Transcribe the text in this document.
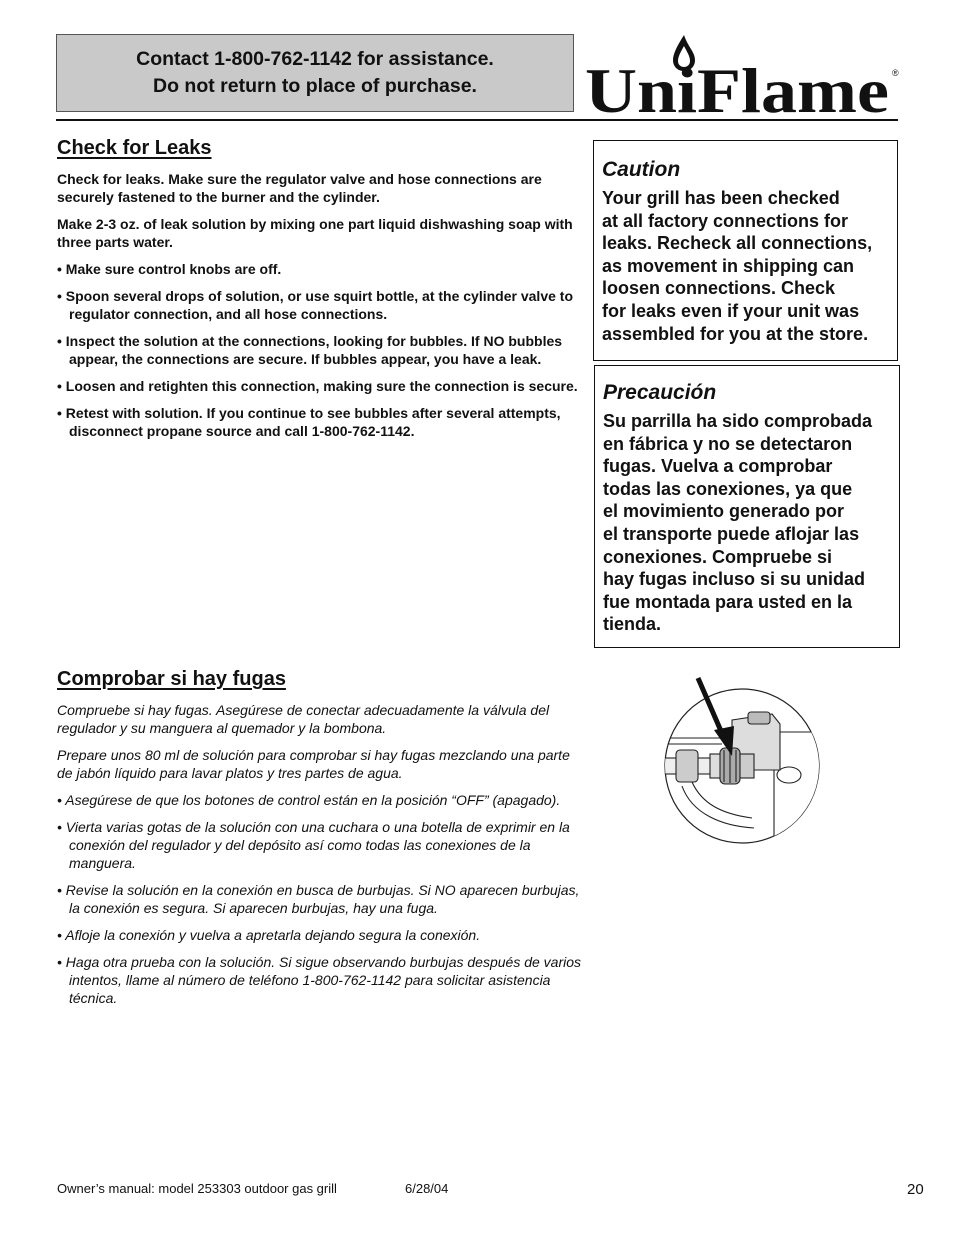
Contact 1-800-762-1142 for assistance.
Do not return to place of purchase. UniFlame ®
Check for Leaks

Check for leaks. Make sure the regulator valve and hose connections are securely fastened to the burner and the cylinder.

Make 2-3 oz. of leak solution by mixing one part liquid dishwashing soap with three parts water.

• Make sure control knobs are off.

• Spoon several drops of solution, or use squirt bottle, at the cylinder valve to regulator connection, and all hose connections.

• Inspect the solution at the connections, looking for bubbles. If NO bubbles appear, the connections are secure. If bubbles appear, you have a leak.

• Loosen and retighten this connection, making sure the connection is secure.

• Retest with solution. If you continue to see bubbles after several attempts, disconnect propane source and call 1-800-762-1142.

Caution

Your grill has been checked
at all factory connections for
leaks. Recheck all connections,
as movement in shipping can
loosen connections. Check
for leaks even if your unit was
assembled for you at the store.

Precaución

Su parrilla ha sido comprobada
en fábrica y no se detectaron
fugas. Vuelva a comprobar
todas las conexiones, ya que
el movimiento generado por
el transporte puede aflojar las
conexiones. Compruebe si
hay fugas incluso si su unidad
fue montada para usted en la
tienda.

Comprobar si hay fugas

Compruebe si hay fugas. Asegúrese de conectar adecuadamente la válvula del regulador y su manguera al quemador y la bombona.

Prepare unos 80 ml de solución para comprobar si hay fugas mezclando una parte de jabón líquido para lavar platos y tres partes de agua.

• Asegúrese de que los botones de control están en la posición “OFF” (apagado).

• Vierta varias gotas de la solución con una cuchara o una botella de exprimir en la conexión del regulador y del depósito así como todas las conexiones de la manguera.

• Revise la solución en la conexión en busca de burbujas. Si NO aparecen burbujas, la conexión es segura. Si aparecen burbujas, hay una fuga.

• Afloje la conexión y vuelva a apretarla dejando segura la conexión.

• Haga otra prueba con la solución. Si sigue observando burbujas después de varios intentos, llame al número de teléfono 1-800-762-1142 para solicitar asistencia técnica.

Owner’s manual: model 253303 outdoor gas grill	6/28/04	20
